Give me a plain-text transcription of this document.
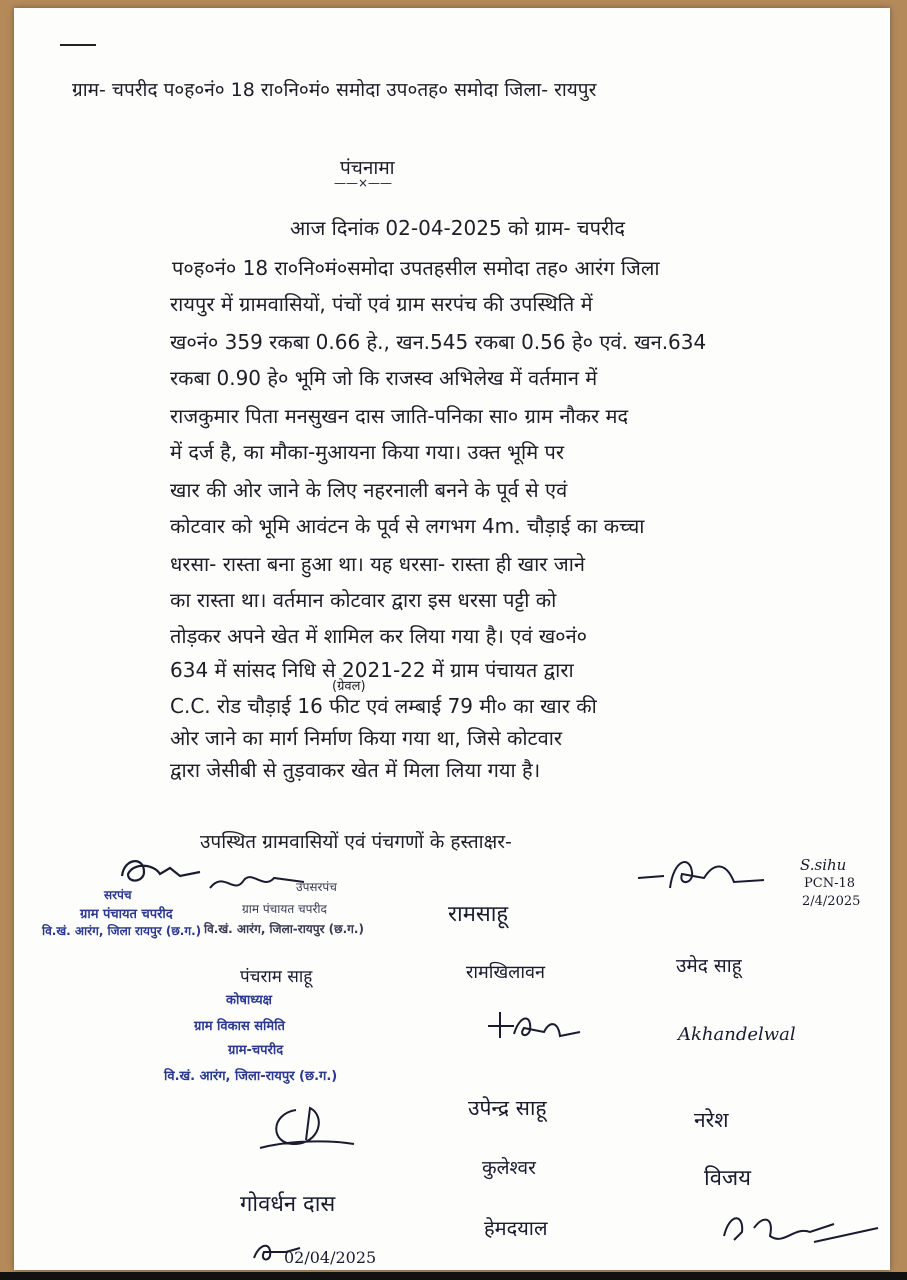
ग्राम- चपरीद प०ह०नं० 18 रा०नि०मं० समोदा उप०तह० समोदा जिला- रायपुर
पंचनामा
——×——
आज दिनांक 02-04-2025 को ग्राम- चपरीद
प०ह०नं० 18 रा०नि०मं०समोदा उपतहसील समोदा तह० आरंग जिला
रायपुर में ग्रामवासियों, पंचों एवं ग्राम सरपंच की उपस्थिति में
ख०नं० 359 रकबा 0.66 हे., खन.545 रकबा 0.56 हे० एवं. खन.634
रकबा 0.90 हे० भूमि जो कि राजस्व अभिलेख में वर्तमान में
राजकुमार पिता मनसुखन दास जाति-पनिका सा० ग्राम नौकर मद
में दर्ज है, का मौका-मुआयना किया गया। उक्त भूमि पर
खार की ओर जाने के लिए नहरनाली बनने के पूर्व से एवं
कोटवार को भूमि आवंटन के पूर्व से लगभग 4m. चौड़ाई का कच्चा
धरसा- रास्ता बना हुआ था। यह धरसा- रास्ता ही खार जाने
का रास्ता था। वर्तमान कोटवार द्वारा इस धरसा पट्टी को
तोड़कर अपने खेत में शामिल कर लिया गया है। एवं ख०नं०
634 में सांसद निधि से 2021-22 में ग्राम पंचायत द्वारा
(ग्रेवल)
C.C. रोड चौड़ाई 16 फीट एवं लम्बाई 79 मी० का खार की
ओर जाने का मार्ग निर्माण किया गया था, जिसे कोटवार
द्वारा जेसीबी से तुड़वाकर खेत में मिला लिया गया है।
उपस्थित ग्रामवासियों एवं पंचगणों के हस्ताक्षर-
सरपंच
ग्राम पंचायत चपरीद
वि.खं. आरंग, जिला रायपुर (छ.ग.)
उपसरपंच
ग्राम पंचायत चपरीद
वि.खं. आरंग, जिला-रायपुर (छ.ग.)
पंचराम साहू
कोषाध्यक्ष
ग्राम विकास समिति
ग्राम-चपरीद
वि.खं. आरंग, जिला-रायपुर (छ.ग.)
S.sihu
PCN-18
2/4/2025
रामसाहू
रामखिलावन	उमेद साहू
Akhandelwal
उपेन्द्र साहू	नरेश
कुलेश्वर	विजय
गोवर्धन दास
हेमदयाल
02/04/2025
